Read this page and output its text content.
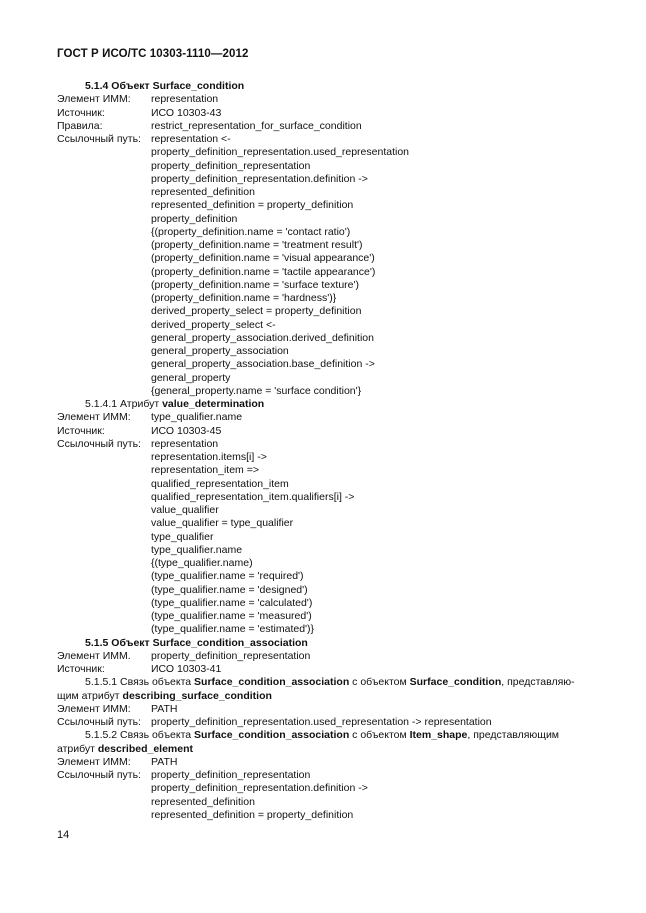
ГОСТ Р ИСО/ТС 10303-1110—2012
5.1.4 Объект Surface_condition
Элемент ИММ: representation
Источник:	ИСО 10303-43
Правила:	restrict_representation_for_surface_condition
Ссылочный путь: representation <-
property_definition_representation.used_representation
property_definition_representation
property_definition_representation.definition ->
represented_definition
represented_definition = property_definition
property_definition
{(property_definition.name = 'contact ratio')
(property_definition.name = 'treatment result')
(property_definition.name = 'visual appearance')
(property_definition.name = 'tactile appearance')
(property_definition.name = 'surface texture')
(property_definition.name = 'hardness')}
derived_property_select = property_definition
derived_property_select <-
general_property_association.derived_definition
general_property_association
general_property_association.base_definition ->
general_property
{general_property.name = 'surface condition'}
5.1.4.1 Атрибут value_determination
Элемент ИММ: type_qualifier.name
Источник:	ИСО 10303-45
Ссылочный путь: representation
representation.items[i] ->
representation_item =>
qualified_representation_item
qualified_representation_item.qualifiers[i] ->
value_qualifier
value_qualifier = type_qualifier
type_qualifier
type_qualifier.name
{(type_qualifier.name)
(type_qualifier.name = 'required')
(type_qualifier.name = 'designed')
(type_qualifier.name = 'calculated')
(type_qualifier.name = 'measured')
(type_qualifier.name = 'estimated')}
5.1.5 Объект Surface_condition_association
Элемент ИММ. property_definition_representation
Источник:	ИСО 10303-41
5.1.5.1 Связь объекта Surface_condition_association с объектом Surface_condition, представляю-
щим атрибут describing_surface_condition
Элемент ИММ: PATH
Ссылочный путь: property_definition_representation.used_representation -> representation
5.1.5.2 Связь объекта Surface_condition_association с объектом Item_shape, представляющим
атрибут described_element
Элемент ИММ: PATH
Ссылочный путь: property_definition_representation
property_definition_representation.definition ->
represented_definition
represented_definition = property_definition
14
